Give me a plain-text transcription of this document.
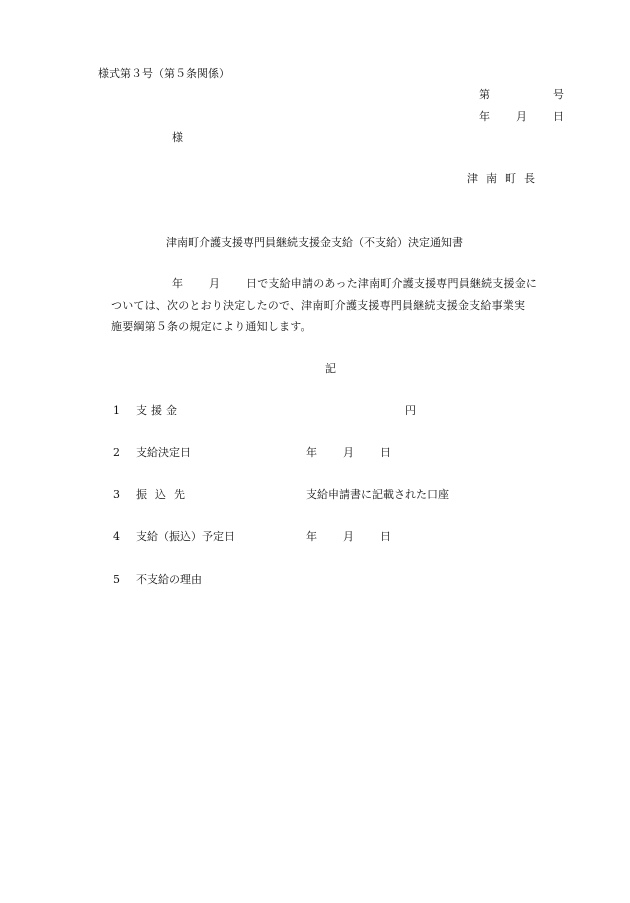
様式第３号（第５条関係）
第	号
年 月 日
様
津南町長
津南町介護支援専門員継続支援金支給（不支給）決定通知書
年 月 日で支給申請のあった津南町介護支援専門員継続支援金に
ついては、次のとおり決定したので、津南町介護支援専門員継続支援金支給事業実
施要綱第５条の規定により通知します。
記
1 支援金	円
2 支給決定日	年 月 日
3 振込先	支給申請書に記載された口座
4 支給（振込）予定日	年 月 日
5 不支給の理由
